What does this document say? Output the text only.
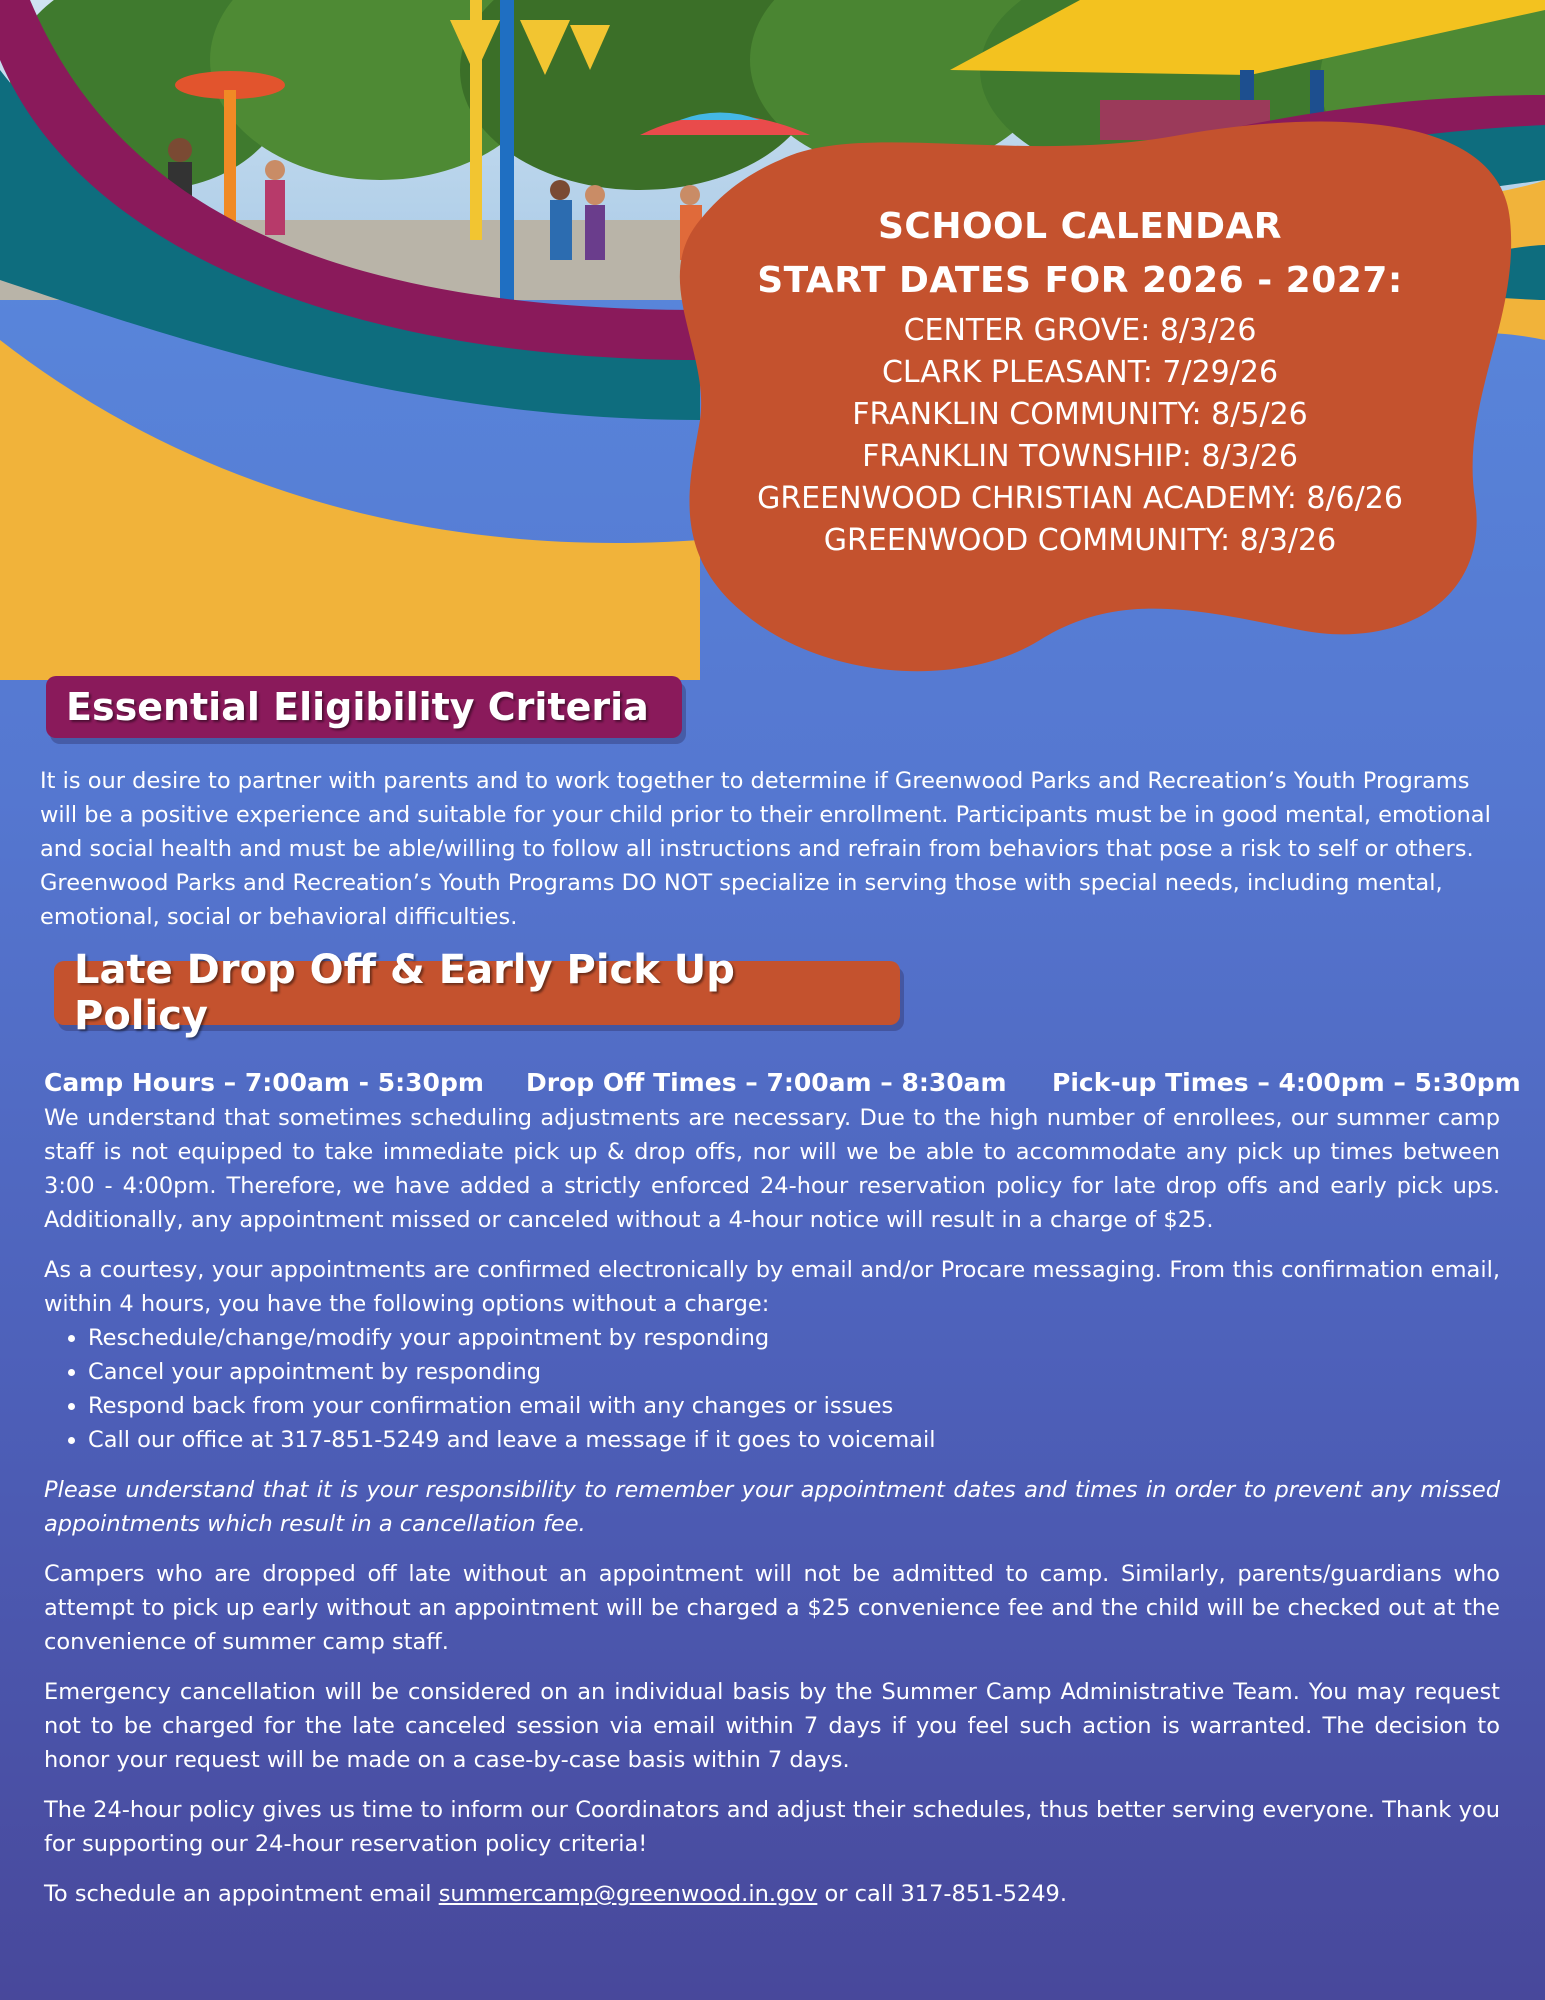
SCHOOL CALENDAR
START DATES FOR 2026 - 2027:
CENTER GROVE: 8/3/26
CLARK PLEASANT: 7/29/26
FRANKLIN COMMUNITY: 8/5/26
FRANKLIN TOWNSHIP: 8/3/26
GREENWOOD CHRISTIAN ACADEMY: 8/6/26
GREENWOOD COMMUNITY: 8/3/26
Essential Eligibility Criteria
It is our desire to partner with parents and to work together to determine if Greenwood Parks and Recreation’s Youth Programs will be a positive experience and suitable for your child prior to their enrollment. Participants must be in good mental, emotional and social health and must be able/willing to follow all instructions and refrain from behaviors that pose a risk to self or others. Greenwood Parks and Recreation’s Youth Programs DO NOT specialize in serving those with special needs, including mental, emotional, social or behavioral difficulties.
Late Drop Off & Early Pick Up Policy
Camp Hours – 7:00am - 5:30pm Drop Off Times – 7:00am – 8:30am Pick-up Times – 4:00pm – 5:30pm

We understand that sometimes scheduling adjustments are necessary. Due to the high number of enrollees, our summer camp staff is not equipped to take immediate pick up & drop offs, nor will we be able to accommodate any pick up times between 3:00 - 4:00pm. Therefore, we have added a strictly enforced 24-hour reservation policy for late drop offs and early pick ups. Additionally, any appointment missed or canceled without a 4-hour notice will result in a charge of $25.

As a courtesy, your appointments are confirmed electronically by email and/or Procare messaging. From this confirmation email, within 4 hours, you have the following options without a charge:

• Reschedule/change/modify your appointment by responding
• Cancel your appointment by responding
• Respond back from your confirmation email with any changes or issues
• Call our office at 317-851-5249 and leave a message if it goes to voicemail

Please understand that it is your responsibility to remember your appointment dates and times in order to prevent any missed appointments which result in a cancellation fee.

Campers who are dropped off late without an appointment will not be admitted to camp. Similarly, parents/guardians who attempt to pick up early without an appointment will be charged a $25 convenience fee and the child will be checked out at the convenience of summer camp staff.

Emergency cancellation will be considered on an individual basis by the Summer Camp Administrative Team. You may request not to be charged for the late canceled session via email within 7 days if you feel such action is warranted. The decision to honor your request will be made on a case-by-case basis within 7 days.

The 24-hour policy gives us time to inform our Coordinators and adjust their schedules, thus better serving everyone. Thank you for supporting our 24-hour reservation policy criteria!

To schedule an appointment email summercamp@greenwood.in.gov or call 317-851-5249.
